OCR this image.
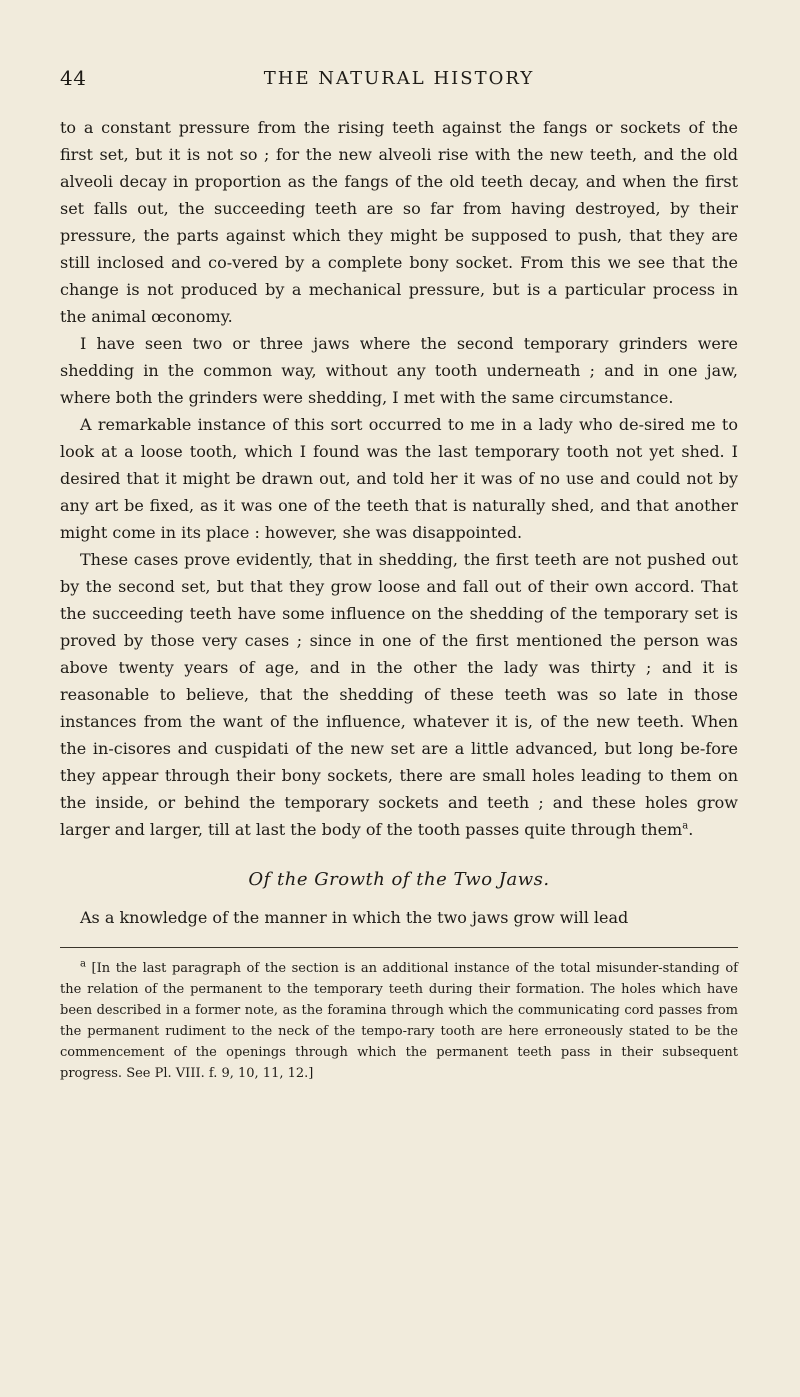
44	THE NATURAL HISTORY

to a constant pressure from the rising teeth against the fangs or sockets of the first set, but it is not so ; for the new alveoli rise with the new teeth, and the old alveoli decay in proportion as the fangs of the old teeth decay, and when the first set falls out, the succeeding teeth are so far from having destroyed, by their pressure, the parts against which they might be supposed to push, that they are still inclosed and co-vered by a complete bony socket. From this we see that the change is not produced by a mechanical pressure, but is a particular process in the animal œconomy.

I have seen two or three jaws where the second temporary grinders were shedding in the common way, without any tooth underneath ; and in one jaw, where both the grinders were shedding, I met with the same circumstance.

A remarkable instance of this sort occurred to me in a lady who de-sired me to look at a loose tooth, which I found was the last temporary tooth not yet shed. I desired that it might be drawn out, and told her it was of no use and could not by any art be fixed, as it was one of the teeth that is naturally shed, and that another might come in its place : however, she was disappointed.

These cases prove evidently, that in shedding, the first teeth are not pushed out by the second set, but that they grow loose and fall out of their own accord. That the succeeding teeth have some influence on the shedding of the temporary set is proved by those very cases ; since in one of the first mentioned the person was above twenty years of age, and in the other the lady was thirty ; and it is reasonable to believe, that the shedding of these teeth was so late in those instances from the want of the influence, whatever it is, of the new teeth. When the in-cisores and cuspidati of the new set are a little advanced, but long be-fore they appear through their bony sockets, there are small holes leading to them on the inside, or behind the temporary sockets and teeth ; and these holes grow larger and larger, till at last the body of the tooth passes quite through them$^a$.

Of the Growth of the Two Jaws.

As a knowledge of the manner in which the two jaws grow will lead

$^a$ [In the last paragraph of the section is an additional instance of the total misunder-standing of the relation of the permanent to the temporary teeth during their formation. The holes which have been described in a former note, as the foramina through which the communicating cord passes from the permanent rudiment to the neck of the tempo-rary tooth are here erroneously stated to be the commencement of the openings through which the permanent teeth pass in their subsequent progress. See Pl. VIII. f. 9, 10, 11, 12.]
